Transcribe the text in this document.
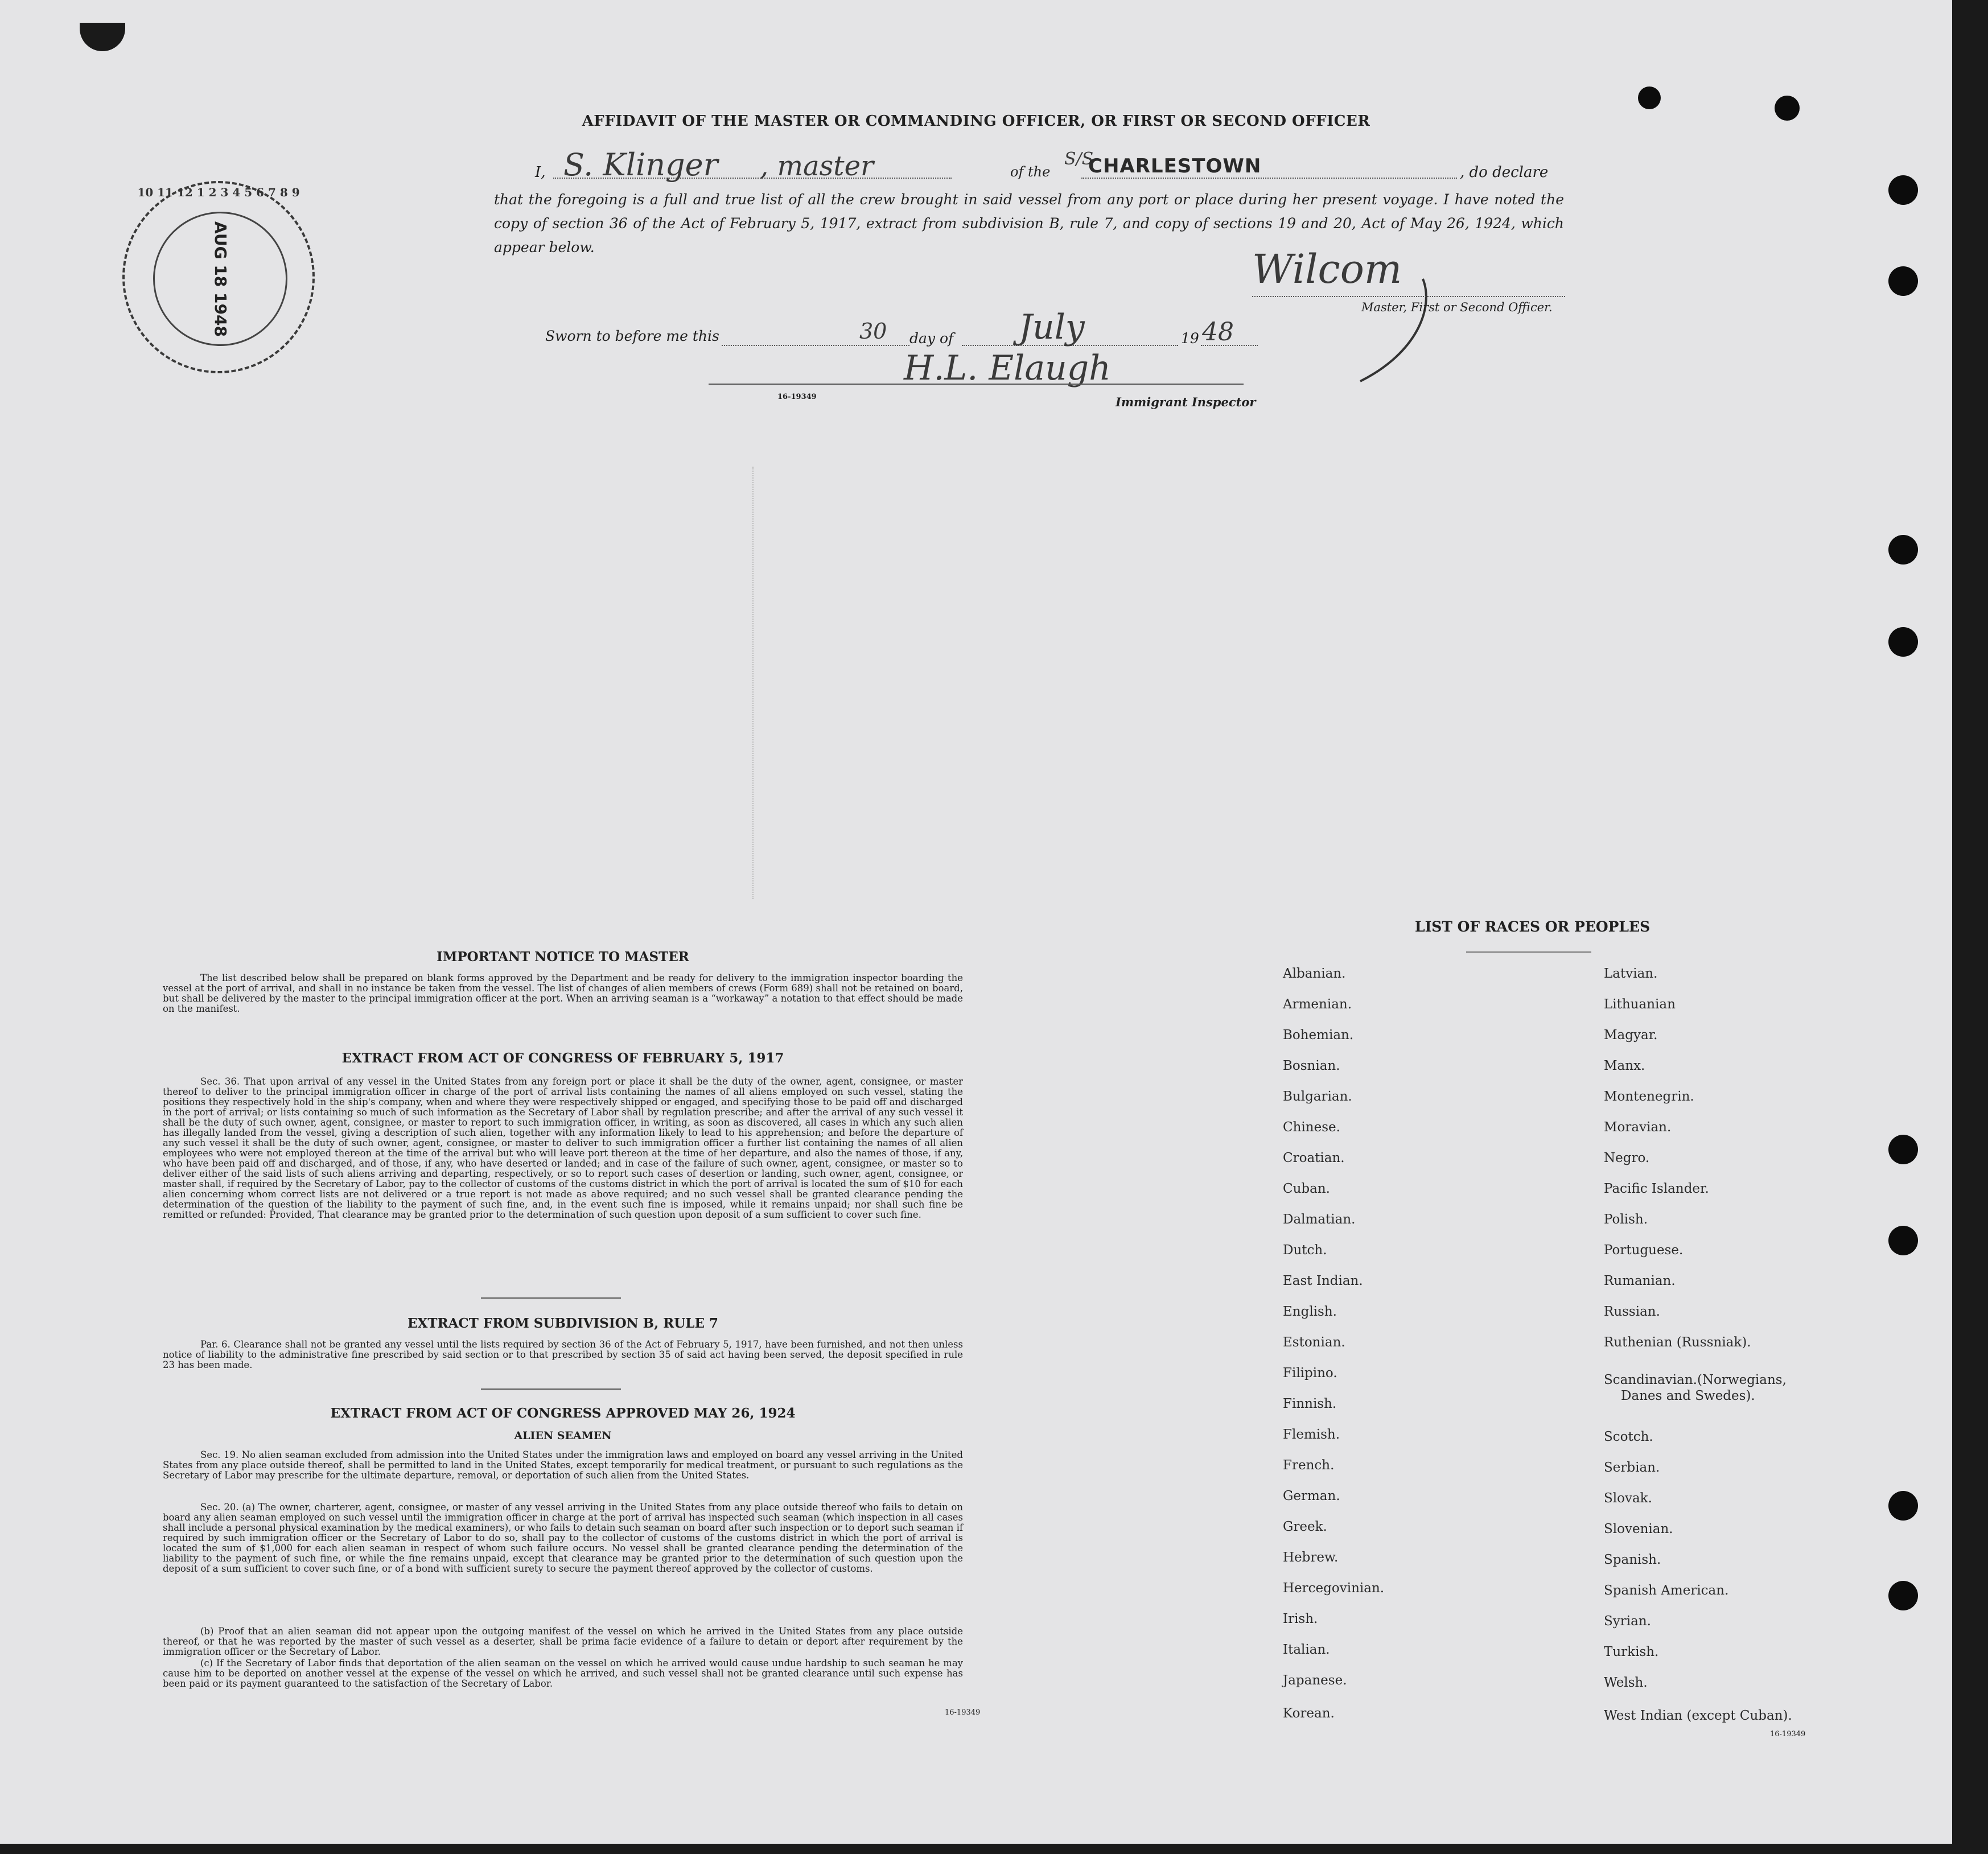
AFFIDAVIT OF THE MASTER OR COMMANDING OFFICER, OR FIRST OR SECOND OFFICER
I, S. Klinger , master	of the
S/S
CHARLESTOWN	, do declare
that the foregoing is a full and true list of all the crew brought in said vessel from any port or place during her present voyage. I have noted the copy of section 36 of the Act of February 5, 1917, extract from subdivision B, rule 7, and copy of sections 19 and 20, Act of May 26, 1924, which appear below.	Wilcom
Master, First or Second Officer.
Sworn to before me this	30 day of July	19 48
H.L. Elaugh
16-19349	Immigrant Inspector
10 11 12 1 2 3 4 5 6 7 8 9
AUG 18 1948
IMPORTANT NOTICE TO MASTER
The list described below shall be prepared on blank forms approved by the Department and be ready for delivery to the immigration inspector boarding the vessel at the port of arrival, and shall in no instance be taken from the vessel. The list of changes of alien members of crews (Form 689) shall not be retained on board, but shall be delivered by the master to the principal immigration officer at the port. When an arriving seaman is a “workaway” a notation to that effect should be made on the manifest.
EXTRACT FROM ACT OF CONGRESS OF FEBRUARY 5, 1917
Sec. 36. That upon arrival of any vessel in the United States from any foreign port or place it shall be the duty of the owner, agent, consignee, or master thereof to deliver to the principal immigration officer in charge of the port of arrival lists containing the names of all aliens employed on such vessel, stating the positions they respectively hold in the ship's company, when and where they were respectively shipped or engaged, and specifying those to be paid off and discharged in the port of arrival; or lists containing so much of such information as the Secretary of Labor shall by regulation prescribe; and after the arrival of any such vessel it shall be the duty of such owner, agent, consignee, or master to report to such immigration officer, in writing, as soon as discovered, all cases in which any such alien has illegally landed from the vessel, giving a description of such alien, together with any information likely to lead to his apprehension; and before the departure of any such vessel it shall be the duty of such owner, agent, consignee, or master to deliver to such immigration officer a further list containing the names of all alien employees who were not employed thereon at the time of the arrival but who will leave port thereon at the time of her departure, and also the names of those, if any, who have been paid off and discharged, and of those, if any, who have deserted or landed; and in case of the failure of such owner, agent, consignee, or master so to deliver either of the said lists of such aliens arriving and departing, respectively, or so to report such cases of desertion or landing, such owner, agent, consignee, or master shall, if required by the Secretary of Labor, pay to the collector of customs of the customs district in which the port of arrival is located the sum of $10 for each alien concerning whom correct lists are not delivered or a true report is not made as above required; and no such vessel shall be granted clearance pending the determination of the question of the liability to the payment of such fine, and, in the event such fine is imposed, while it remains unpaid; nor shall such fine be remitted or refunded: Provided, That clearance may be granted prior to the determination of such question upon deposit of a sum sufficient to cover such fine.
EXTRACT FROM SUBDIVISION B, RULE 7
Par. 6. Clearance shall not be granted any vessel until the lists required by section 36 of the Act of February 5, 1917, have been furnished, and not then unless notice of liability to the administrative fine prescribed by said section or to that prescribed by section 35 of said act having been served, the deposit specified in rule 23 has been made.
EXTRACT FROM ACT OF CONGRESS APPROVED MAY 26, 1924
ALIEN SEAMEN
Sec. 19. No alien seaman excluded from admission into the United States under the immigration laws and employed on board any vessel arriving in the United States from any place outside thereof, shall be permitted to land in the United States, except temporarily for medical treatment, or pursuant to such regulations as the Secretary of Labor may prescribe for the ultimate departure, removal, or deportation of such alien from the United States.
Sec. 20. (a) The owner, charterer, agent, consignee, or master of any vessel arriving in the United States from any place outside thereof who fails to detain on board any alien seaman employed on such vessel until the immigration officer in charge at the port of arrival has inspected such seaman (which inspection in all cases shall include a personal physical examination by the medical examiners), or who fails to detain such seaman on board after such inspection or to deport such seaman if required by such immigration officer or the Secretary of Labor to do so, shall pay to the collector of customs of the customs district in which the port of arrival is located the sum of $1,000 for each alien seaman in respect of whom such failure occurs. No vessel shall be granted clearance pending the determination of the liability to the payment of such fine, or while the fine remains unpaid, except that clearance may be granted prior to the determination of such question upon the deposit of a sum sufficient to cover such fine, or of a bond with sufficient surety to secure the payment thereof approved by the collector of customs.
(b) Proof that an alien seaman did not appear upon the outgoing manifest of the vessel on which he arrived in the United States from any place outside thereof, or that he was reported by the master of such vessel as a deserter, shall be prima facie evidence of a failure to detain or deport after requirement by the immigration officer or the Secretary of Labor.
(c) If the Secretary of Labor finds that deportation of the alien seaman on the vessel on which he arrived would cause undue hardship to such seaman he may cause him to be deported on another vessel at the expense of the vessel on which he arrived, and such vessel shall not be granted clearance until such expense has been paid or its payment guaranteed to the satisfaction of the Secretary of Labor.
16-19349
LIST OF RACES OR PEOPLES
Albanian.
Armenian.
Bohemian.
Bosnian.
Bulgarian.
Chinese.
Croatian.
Cuban.
Dalmatian.
Dutch.
East Indian.
English.
Estonian.
Filipino.
Finnish.
Flemish.
French.
German.
Greek.
Hebrew.
Hercegovinian.
Irish.
Italian.
Japanese.
Korean.
Latvian.
Lithuanian
Magyar.
Manx.
Montenegrin.
Moravian.
Negro.
Pacific Islander.
Polish.
Portuguese.
Rumanian.
Russian.
Ruthenian (Russniak).
Scandinavian.(Norwegians,
Danes and Swedes).
Scotch.
Serbian.
Slovak.
Slovenian.
Spanish.
Spanish American.
Syrian.
Turkish.
Welsh.
West Indian (except Cuban).
16-19349
